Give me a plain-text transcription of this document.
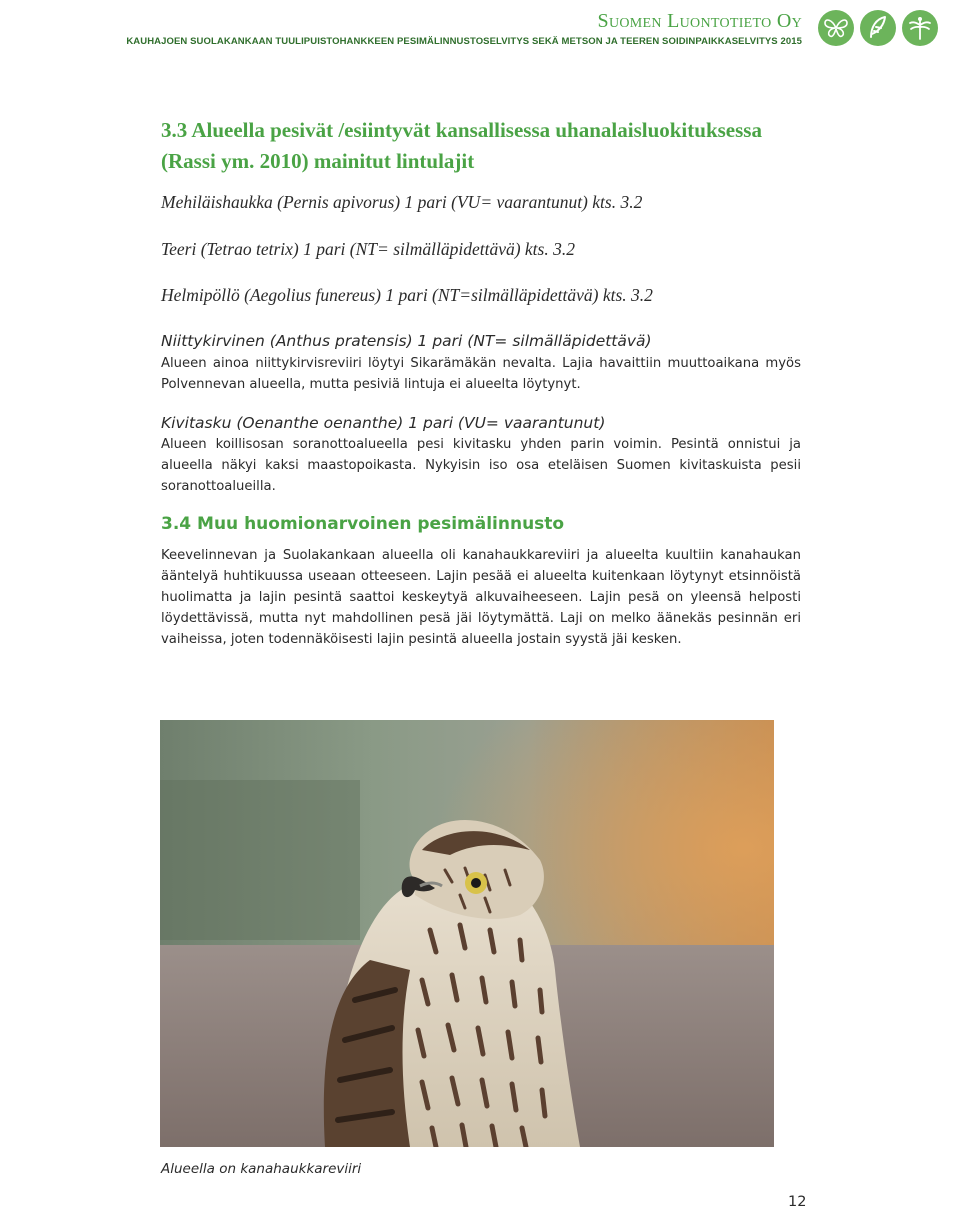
Suomen Luontotieto Oy
KAUHAJOEN SUOLAKANKAAN TUULIPUISTOHANKKEEN PESIMÄLINNUSTOSELVITYS SEKÄ METSON JA TEEREN SOIDINPAIKKASELVITYS 2015
3.3 Alueella pesivät /esiintyvät kansallisessa uhanalaisluokituksessa (Rassi ym. 2010) mainitut lintulajit

Mehiläishaukka (Pernis apivorus) 1 pari (VU= vaarantunut) kts. 3.2

Teeri (Tetrao tetrix) 1 pari (NT= silmälläpidettävä) kts. 3.2

Helmipöllö (Aegolius funereus) 1 pari (NT=silmälläpidettävä) kts. 3.2

Niittykirvinen (Anthus pratensis) 1 pari (NT= silmälläpidettävä)

Alueen ainoa niittykirvisreviiri löytyi Sikarämäkän nevalta. Lajia havaittiin muuttoaikana myös Polvennevan alueella, mutta pesiviä lintuja ei alueelta löytynyt.

Kivitasku (Oenanthe oenanthe) 1 pari (VU= vaarantunut)

Alueen koillisosan soranottoalueella pesi kivitasku yhden parin voimin. Pesintä onnistui ja alueella näkyi kaksi maastopoikasta. Nykyisin iso osa eteläisen Suomen kivitaskuista pesii soranottoalueilla.

3.4 Muu huomionarvoinen pesimälinnusto

Keevelinnevan ja Suolakankaan alueella oli kanahaukkareviiri ja alueelta kuultiin kanahaukan ääntelyä huhtikuussa useaan otteeseen. Lajin pesää ei alueelta kuitenkaan löytynyt etsinnöistä huolimatta ja lajin pesintä saattoi keskeytyä alkuvaiheeseen. Lajin pesä on yleensä helposti löydettävissä, mutta nyt mahdollinen pesä jäi löytymättä. Laji on melko äänekäs pesinnän eri vaiheissa, joten todennäköisesti lajin pesintä alueella jostain syystä jäi kesken.

Alueella on kanahaukkareviiri
12
